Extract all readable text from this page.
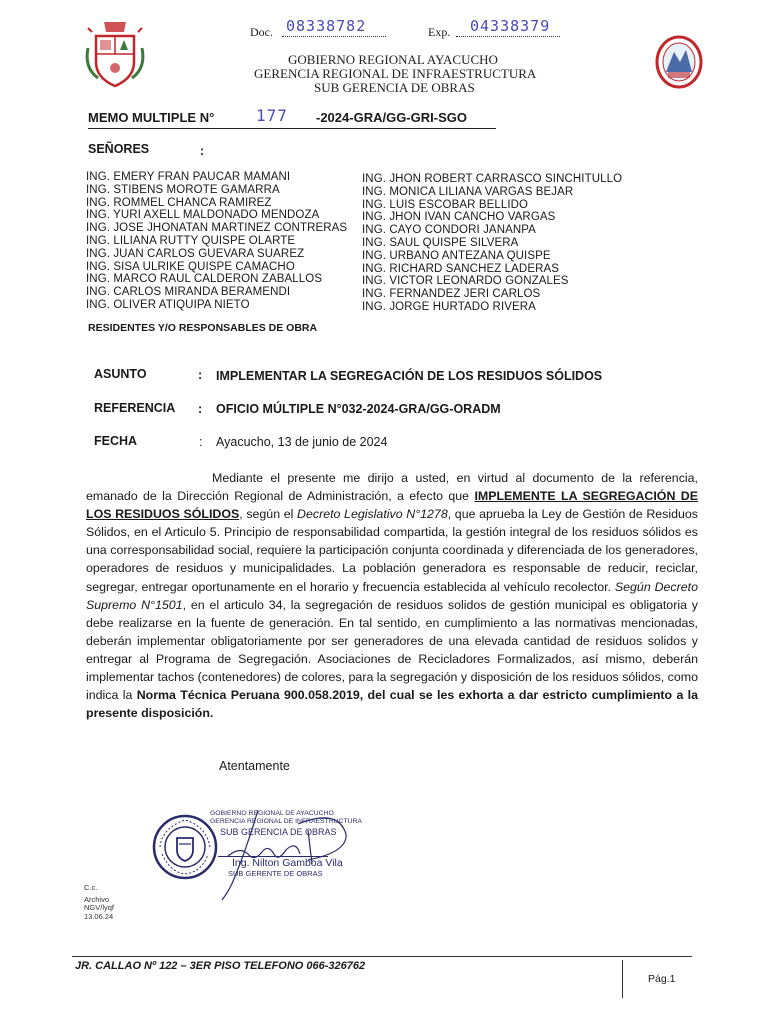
Doc. 08338782	Exp. 04338379
GOBIERNO REGIONAL AYACUCHO
GERENCIA REGIONAL DE INFRAESTRUCTURA
SUB GERENCIA DE OBRAS
MEMO MULTIPLE N°	177 -2024-GRA/GG-GRI-SGO
SEÑORES	:
ING. EMERY FRAN PAUCAR MAMANI
ING. STIBENS MOROTE GAMARRA
ING. ROMMEL CHANCA RAMIREZ
ING. YURI AXELL MALDONADO MENDOZA
ING. JOSE JHONATAN MARTINEZ CONTRERAS
ING. LILIANA RUTTY QUISPE OLARTE
ING. JUAN CARLOS GUEVARA SUAREZ
ING. SISA ULRIKE QUISPE CAMACHO
ING. MARCO RAUL CALDERON ZABALLOS
ING. CARLOS MIRANDA BERAMENDI
ING. OLIVER ATIQUIPA NIETO
ING. JHON ROBERT CARRASCO SINCHITULLO
ING. MONICA LILIANA VARGAS BEJAR
ING. LUIS ESCOBAR BELLIDO
ING. JHON IVAN CANCHO VARGAS
ING. CAYO CONDORI JANANPA
ING. SAUL QUISPE SILVERA
ING. URBANO ANTEZANA QUISPE
ING. RICHARD SANCHEZ LADERAS
ING. VICTOR LEONARDO GONZALES
ING. FERNANDEZ JERI CARLOS
ING. JORGE HURTADO RIVERA
RESIDENTES Y/O RESPONSABLES DE OBRA
ASUNTO	: IMPLEMENTAR LA SEGREGACIÓN DE LOS RESIDUOS SÓLIDOS
REFERENCIA : OFICIO MÚLTIPLE N°032-2024-GRA/GG-ORADM
FECHA	: Ayacucho, 13 de junio de 2024

Mediante el presente me dirijo a usted, en virtud al documento de la referencia, emanado de la Dirección Regional de Administración, a efecto que IMPLEMENTE LA SEGREGACIÓN DE LOS RESIDUOS SÓLIDOS, según el Decreto Legislativo N°1278, que aprueba la Ley de Gestión de Residuos Sólidos, en el Articulo 5. Principio de responsabilidad compartida, la gestión integral de los residuos sólidos es una corresponsabilidad social, requiere la participación conjunta coordinada y diferenciada de los generadores, operadores de residuos y municipalidades. La población generadora es responsable de reducir, reciclar, segregar, entregar oportunamente en el horario y frecuencia establecida al vehículo recolector. Según Decreto Supremo N°1501, en el articulo 34, la segregación de residuos solidos de gestión municipal es obligatoria y debe realizarse en la fuente de generación. En tal sentido, en cumplimiento a las normativas mencionadas, deberán implementar obligatoriamente por ser generadores de una elevada cantidad de residuos solidos y entregar al Programa de Segregación. Asociaciones de Recicladores Formalizados, así mismo, deberán implementar tachos (contenedores) de colores, para la segregación y disposición de los residuos sólidos, como indica la Norma Técnica Peruana 900.058.2019, del cual se les exhorta a dar estricto cumplimiento a la presente disposición.

Atentamente
GOBIERNO REGIONAL DE AYACUCHO
GERENCIA REGIONAL DE INFRAESTRUCTURA
SUB GERENCIA DE OBRAS
Ing. Nilton Gamboa Vila
SUB GERENTE DE OBRAS
C.c.
Archivo
NGV/lyqf
13.06.24
JR. CALLAO Nº 122 – 3ER PISO TELEFONO 066-326762
Pág.1
